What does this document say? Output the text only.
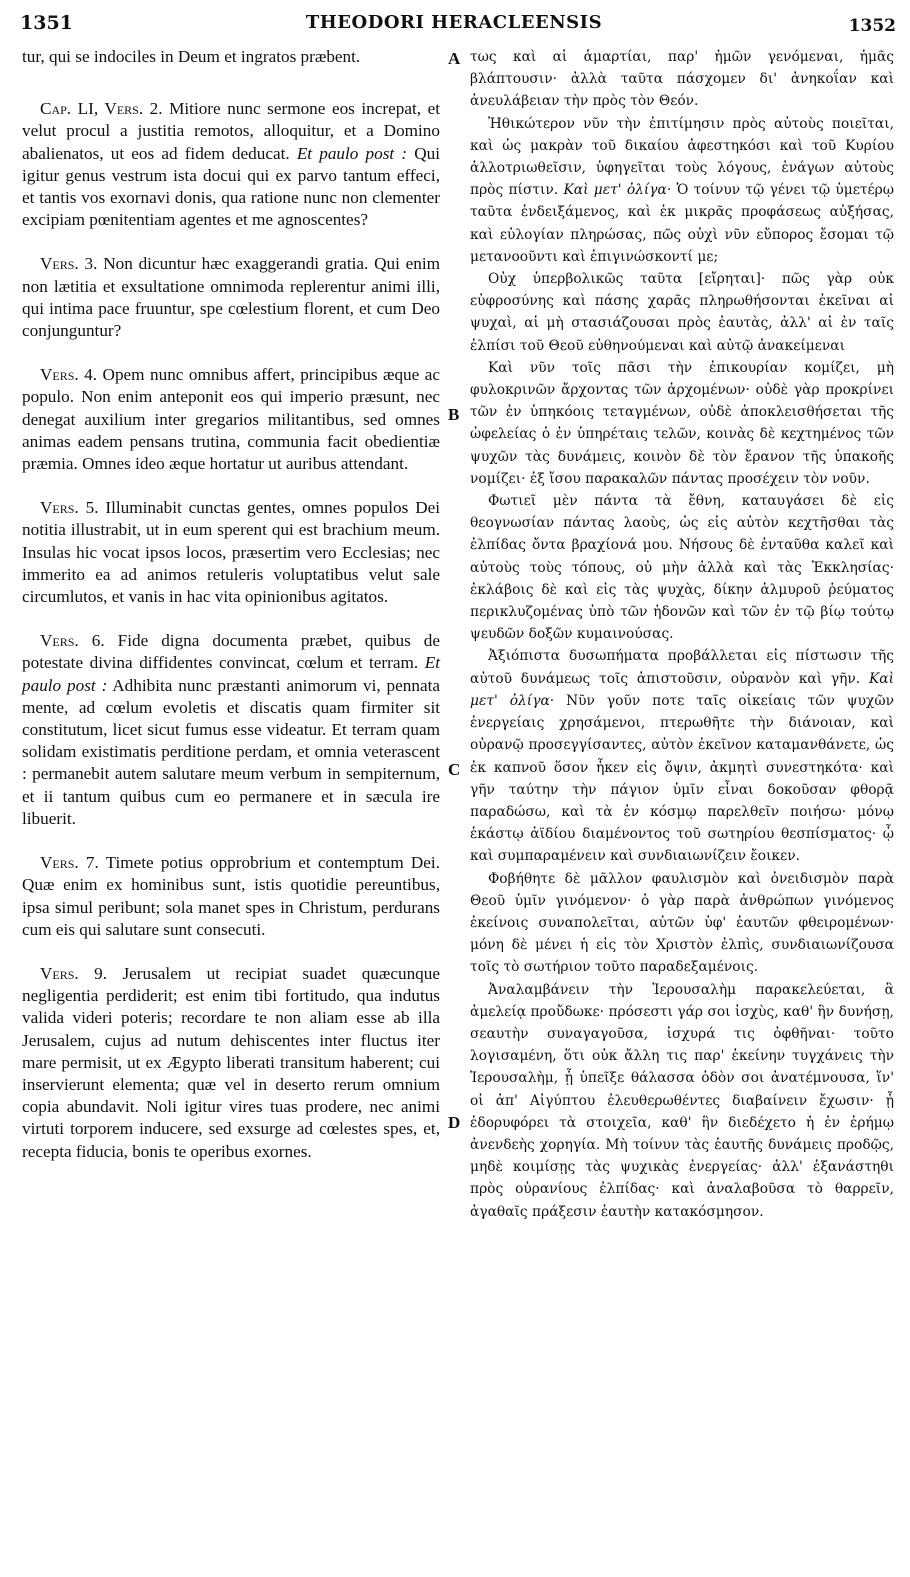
1351	THEODORI HERACLEENSIS	1352

tur, qui se indociles in Deum et ingratos præbent.

Cap. LI, Vers. 2. Mitiore nunc sermone eos increpat, et velut procul a justitia remotos, alloquitur, et a Domino abalienatos, ut eos ad fidem deducat. Et paulo post : Qui igitur genus vestrum ista docui qui ex parvo tantum effeci, et tantis vos exornavi donis, qua ratione nunc non clementer excipiam pœnitentiam agentes et me agnoscentes?

Vers. 3. Non dicuntur hæc exaggerandi gratia. Qui enim non lætitia et exsultatione omnimoda replerentur animi illi, qui intima pace fruuntur, spe cœlestium florent, et cum Deo conjunguntur?

Vers. 4. Opem nunc omnibus affert, principibus æque ac populo. Non enim anteponit eos qui imperio præsunt, nec denegat auxilium inter gregarios militantibus, sed omnes animas eadem pensans trutina, communia facit obedientiæ præmia. Omnes ideo æque hortatur ut auribus attendant.

Vers. 5. Illuminabit cunctas gentes, omnes populos Dei notitia illustrabit, ut in eum sperent qui est brachium meum. Insulas hic vocat ipsos locos, præsertim vero Ecclesias; nec immerito ea ad animos retuleris voluptatibus velut sale circumlutos, et vanis in hac vita opinionibus agitatos.

Vers. 6. Fide digna documenta præbet, quibus de potestate divina diffidentes convincat, cœlum et terram. Et paulo post : Adhibita nunc præstanti animorum vi, pennata mente, ad cœlum evoletis et discatis quam firmiter sit constitutum, licet sicut fumus esse videatur. Et terram quam solidam existimatis perditione perdam, et omnia veterascent : permanebit autem salutare meum verbum in sempiternum, et ii tantum quibus cum eo permanere et in sæcula ire libuerit.

Vers. 7. Timete potius opprobrium et contemptum Dei. Quæ enim ex hominibus sunt, istis quotidie pereuntibus, ipsa simul peribunt; sola manet spes in Christum, perdurans cum eis qui salutare sunt consecuti.

Vers. 9. Jerusalem ut recipiat suadet quæcunque negligentia perdiderit; est enim tibi fortitudo, qua indutus valida videri poteris; recordare te non aliam esse ab illa Jerusalem, cujus ad nutum dehiscentes inter fluctus iter mare permisit, ut ex Ægypto liberati transitum haberent; cui inservierunt elementa; quæ vel in deserto rerum omnium copia abundavit. Noli igitur vires tuas prodere, nec animi virtuti torporem inducere, sed exsurge ad cœlestes spes, et, recepta fiducia, bonis te operibus exornes.

A
B
C
D

τως καὶ αἱ ἁμαρτίαι, παρ' ἡμῶν γενόμεναι, ἡμᾶς βλάπτουσιν· ἀλλὰ ταῦτα πάσχομεν δι' ἀνηκοΐαν καὶ ἀνευλάβειαν τὴν πρὸς τὸν Θεόν.

Ἠθικώτερον νῦν τὴν ἐπιτίμησιν πρὸς αὐτοὺς ποιεῖται, καὶ ὡς μακρὰν τοῦ δικαίου ἀφεστηκόσι καὶ τοῦ Κυρίου ἀλλοτριωθεῖσιν, ὑφηγεῖται τοὺς λόγους, ἐνάγων αὐτοὺς πρὸς πίστιν. Καὶ μετ' ὀλίγα· Ὁ τοίνυν τῷ γένει τῷ ὑμετέρῳ ταῦτα ἐνδειξάμενος, καὶ ἐκ μικρᾶς προφάσεως αὐξήσας, καὶ εὐλογίαν πληρώσας, πῶς οὐχὶ νῦν εὔπορος ἔσομαι τῷ μετανοοῦντι καὶ ἐπιγινώσκοντί με;

Οὐχ ὑπερβολικῶς ταῦτα [εἴρηται]· πῶς γὰρ οὐκ εὐφροσύνης καὶ πάσης χαρᾶς πληρωθήσονται ἐκεῖναι αἱ ψυχαὶ, αἱ μὴ στασιάζουσαι πρὸς ἑαυτὰς, ἀλλ' αἱ ἐν ταῖς ἐλπίσι τοῦ Θεοῦ εὐθηνούμεναι καὶ αὐτῷ ἀνακείμεναι

Καὶ νῦν τοῖς πᾶσι τὴν ἐπικουρίαν κομίζει, μὴ φυλοκρινῶν ἄρχοντας τῶν ἀρχομένων· οὐδὲ γὰρ προκρίνει τῶν ἐν ὑπηκόοις τεταγμένων, οὐδὲ ἀποκλεισθήσεται τῆς ὠφελείας ὁ ἐν ὑπηρέταις τελῶν, κοινὰς δὲ κεχτημένος τῶν ψυχῶν τὰς δυνάμεις, κοινὸν δὲ τὸν ἔρανον τῆς ὑπακοῆς νομίζει· ἐξ ἴσου παρακαλῶν πάντας προσέχειν τὸν νοῦν.

Φωτιεῖ μὲν πάντα τὰ ἔθνη, καταυγάσει δὲ εἰς θεογνωσίαν πάντας λαοὺς, ὡς εἰς αὐτὸν κεχτῆσθαι τὰς ἐλπίδας ὄντα βραχίονά μου. Νήσους δὲ ἐνταῦθα καλεῖ καὶ αὐτοὺς τοὺς τόπους, οὐ μὴν ἀλλὰ καὶ τὰς Ἐκκλησίας· ἐκλάβοις δὲ καὶ εἰς τὰς ψυχὰς, δίκην ἁλμυροῦ ῥεύματος περικλυζομένας ὑπὸ τῶν ἡδονῶν καὶ τῶν ἐν τῷ βίῳ τούτῳ ψευδῶν δοξῶν κυμαινούσας.

Ἀξιόπιστα δυσωπήματα προβάλλεται εἰς πίστωσιν τῆς αὐτοῦ δυνάμεως τοῖς ἀπιστοῦσιν, οὐρανὸν καὶ γῆν. Καὶ μετ' ὀλίγα· Νῦν γοῦν ποτε ταῖς οἰκείαις τῶν ψυχῶν ἐνεργείαις χρησάμενοι, πτερωθῆτε τὴν διάνοιαν, καὶ οὐρανῷ προσεγγίσαντες, αὐτὸν ἐκεῖνον καταμανθάνετε, ὡς ἐκ καπνοῦ ὅσον ἧκεν εἰς ὄψιν, ἀκμητὶ συνεστηκότα· καὶ γῆν ταύτην τὴν πάγιον ὑμῖν εἶναι δοκοῦσαν φθορᾷ παραδώσω, καὶ τὰ ἐν κόσμῳ παρελθεῖν ποιήσω· μόνῳ ἑκάστῳ ἀϊδίου διαμένοντος τοῦ σωτηρίου θεσπίσματος· ᾧ καὶ συμπαραμένειν καὶ συνδιαιωνίζειν ἔοικεν.

Φοβήθητε δὲ μᾶλλον φαυλισμὸν καὶ ὀνειδισμὸν παρὰ Θεοῦ ὑμῖν γινόμενον· ὁ γὰρ παρὰ ἀνθρώπων γινόμενος ἐκείνοις συναπολεῖται, αὐτῶν ὑφ' ἑαυτῶν φθειρομένων· μόνη δὲ μένει ἡ εἰς τὸν Χριστὸν ἐλπὶς, συνδιαιωνίζουσα τοῖς τὸ σωτήριον τοῦτο παραδεξαμένοις.

Ἀναλαμβάνειν τὴν Ἱερουσαλὴμ παρακελεύεται, ἃ ἀμελείᾳ προὔδωκε· πρόσεστι γάρ σοι ἰσχὺς, καθ' ἣν δυνήσῃ, σεαυτὴν συναγαγοῦσα, ἰσχυρά τις ὀφθῆναι· τοῦτο λογισαμένη, ὅτι οὐκ ἄλλη τις παρ' ἐκείνην τυγχάνεις τὴν Ἱερουσαλὴμ, ᾗ ὑπεῖξε θάλασσα ὁδὸν σοι ἀνατέμνουσα, ἵν' οἱ ἀπ' Αἰγύπτου ἐλευθερωθέντες διαβαίνειν ἔχωσιν· ᾗ ἐδορυφόρει τὰ στοιχεῖα, καθ' ἣν διεδέχετο ἡ ἐν ἐρήμῳ ἀνενδεὴς χορηγία. Μὴ τοίνυν τὰς ἑαυτῆς δυνάμεις προδῷς, μηδὲ κοιμίσῃς τὰς ψυχικὰς ἐνεργείας· ἀλλ' ἐξανάστηθι πρὸς οὐρανίους ἐλπίδας· καὶ ἀναλαβοῦσα τὸ θαρρεῖν, ἀγαθαῖς πράξεσιν ἑαυτὴν κατακόσμησον.
